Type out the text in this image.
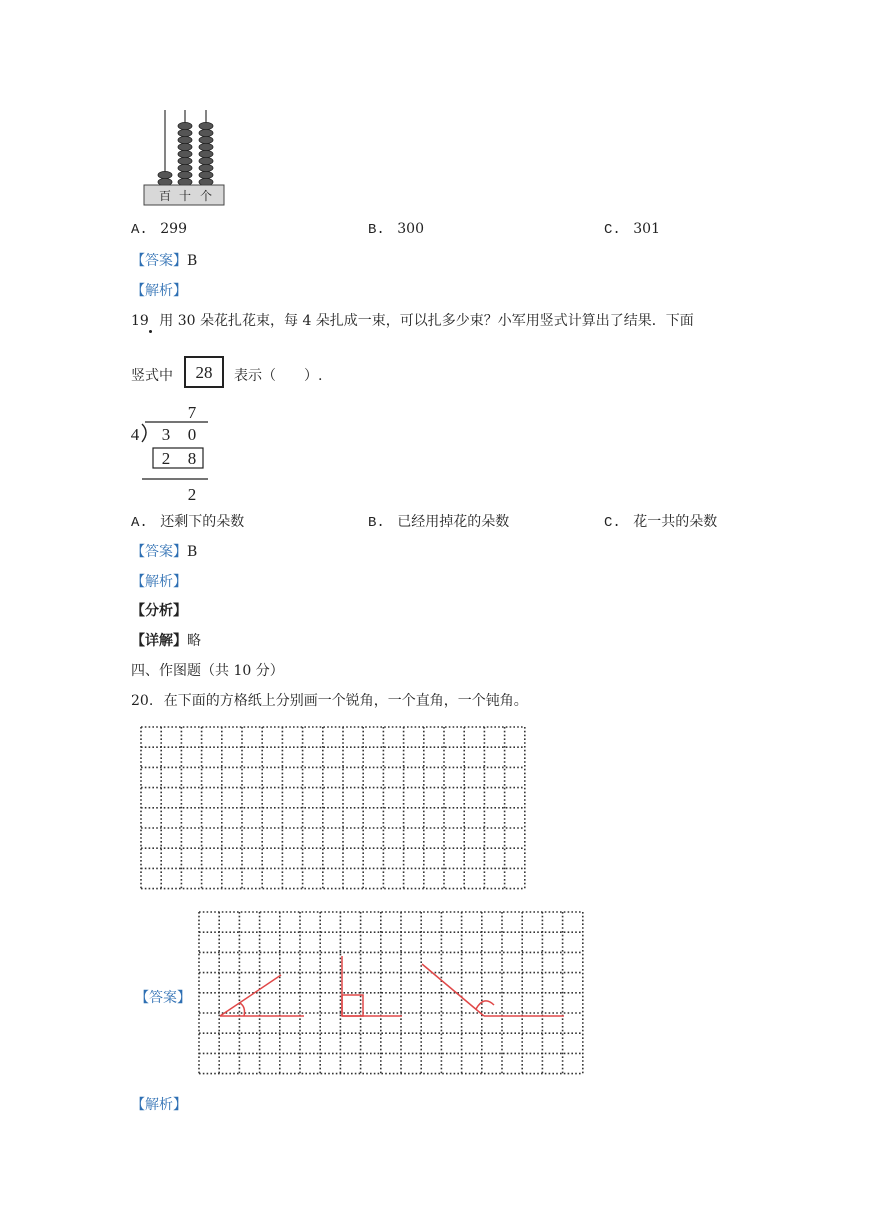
百 十 个
A. 299	B. 300	C. 301
【答案】B
【解析】
19 用 30 朵花扎花束，每 4 朵扎成一束，可以扎多少束？小军用竖式计算出了结果．下面
竖式中	28	表示（　　）.
7
4 3 0
2 8
2
A. 还剩下的朵数	B. 已经用掉花的朵数	C. 花一共的朵数
【答案】B
【解析】
【分析】
【详解】略
四、作图题（共 10 分）
20. 在下面的方格纸上分别画一个锐角，一个直角，一个钝角。
【答案】
【解析】
